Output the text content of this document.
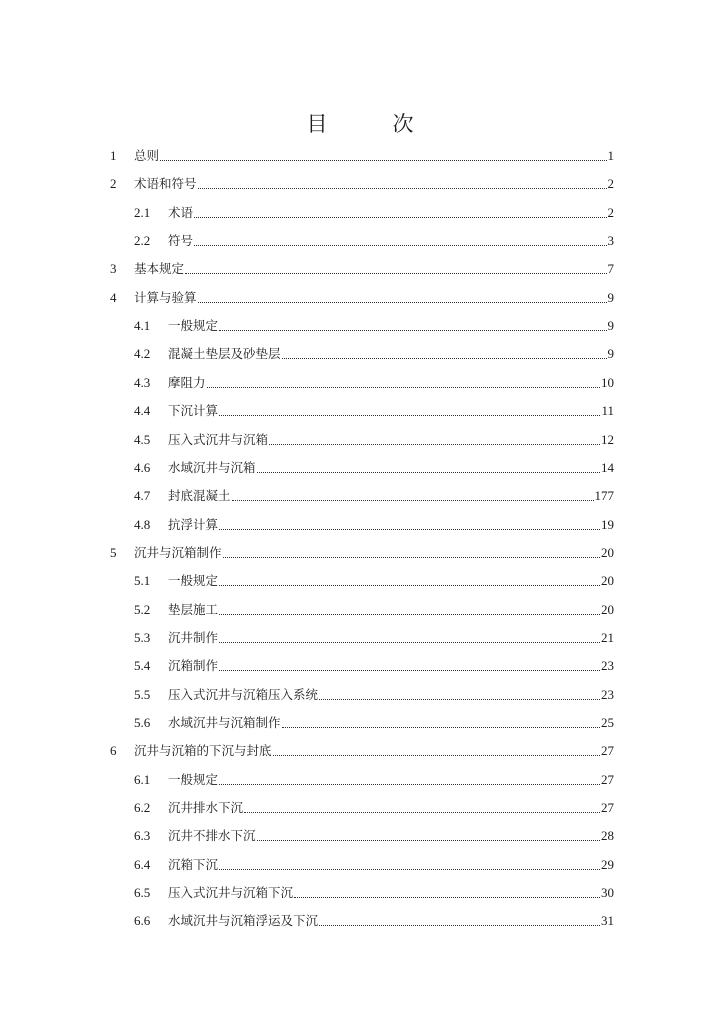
目　次
1	总则	1
2	术语和符号	2
2.1	术语	2
2.2	符号	3
3	基本规定	7
4	计算与验算	9
4.1	一般规定	9
4.2	混凝土垫层及砂垫层	9
4.3	摩阻力	10
4.4	下沉计算	11
4.5	压入式沉井与沉箱	12
4.6	水域沉井与沉箱	14
4.7	封底混凝土	177
4.8	抗浮计算	19
5	沉井与沉箱制作	20
5.1	一般规定	20
5.2	垫层施工	20
5.3	沉井制作	21
5.4	沉箱制作	23
5.5	压入式沉井与沉箱压入系统	23
5.6	水域沉井与沉箱制作	25
6	沉井与沉箱的下沉与封底	27
6.1	一般规定	27
6.2	沉井排水下沉	27
6.3	沉井不排水下沉	28
6.4	沉箱下沉	29
6.5	压入式沉井与沉箱下沉	30
6.6	水域沉井与沉箱浮运及下沉	31
